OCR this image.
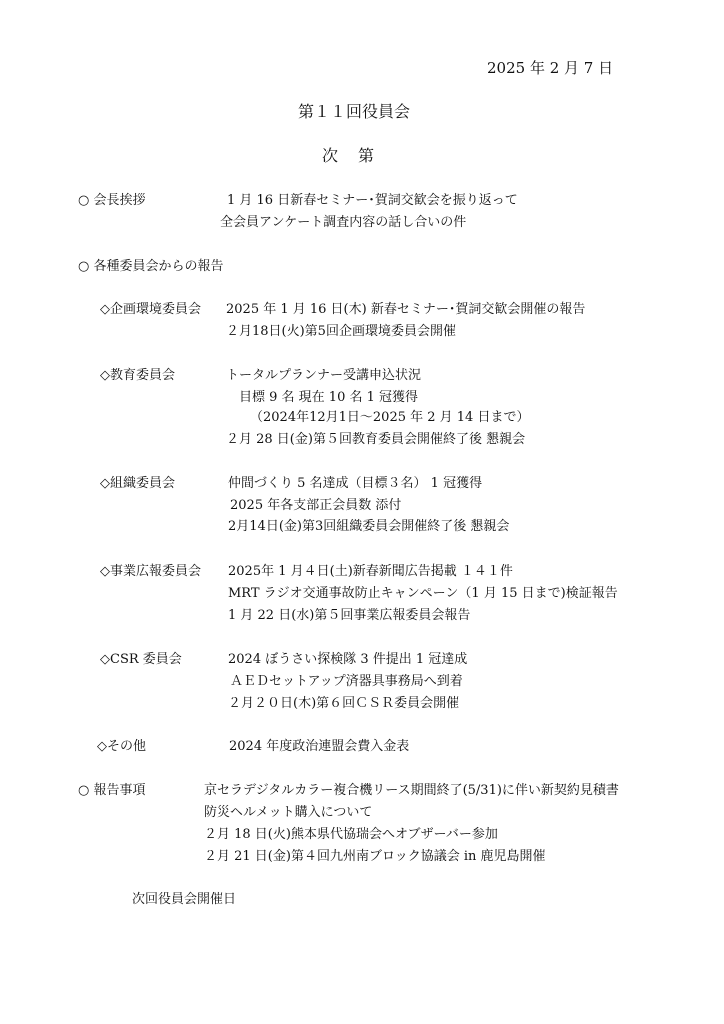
2025 年 2 月 7 日
第１１回役員会
次　第
○ 会長挨拶	1 月 16 日新春セミナー･賀詞交歓会を振り返って
全会員アンケート調査内容の話し合いの件
○ 各種委員会からの報告
◇企画環境委員会 2025 年 1 月 16 日(木) 新春セミナー･賀詞交歓会開催の報告
２月18日(火)第5回企画環境委員会開催
◇教育委員会	トータルプランナー受講申込状況
目標 9 名 現在 10 名 1 冠獲得
（2024年12月1日～2025 年 2 月 14 日まで）
２月 28 日(金)第５回教育委員会開催終了後 懇親会
◇組織委員会	仲間づくり 5 名達成（目標３名） 1 冠獲得
2025 年各支部正会員数 添付
2月14日(金)第3回組織委員会開催終了後 懇親会
◇事業広報委員会 2025年 1 月４日(土)新春新聞広告掲載 １４１件
MRT ラジオ交通事故防止キャンペーン（1 月 15 日まで)検証報告
1 月 22 日(水)第５回事業広報委員会報告
◇CSR 委員会	2024 ぼうさい探検隊 3 件提出 1 冠達成
ＡＥＤセットアップ済器具事務局へ到着
２月２０日(木)第６回ＣＳＲ委員会開催
◇その他	2024 年度政治連盟会費入金表
○ 報告事項	京セラデジタルカラー複合機リース期間終了(5/31)に伴い新契約見積書
防災ヘルメット購入について
２月 18 日(火)熊本県代協瑞会へオブザーバー参加
２月 21 日(金)第４回九州南ブロック協議会 in 鹿児島開催
次回役員会開催日
